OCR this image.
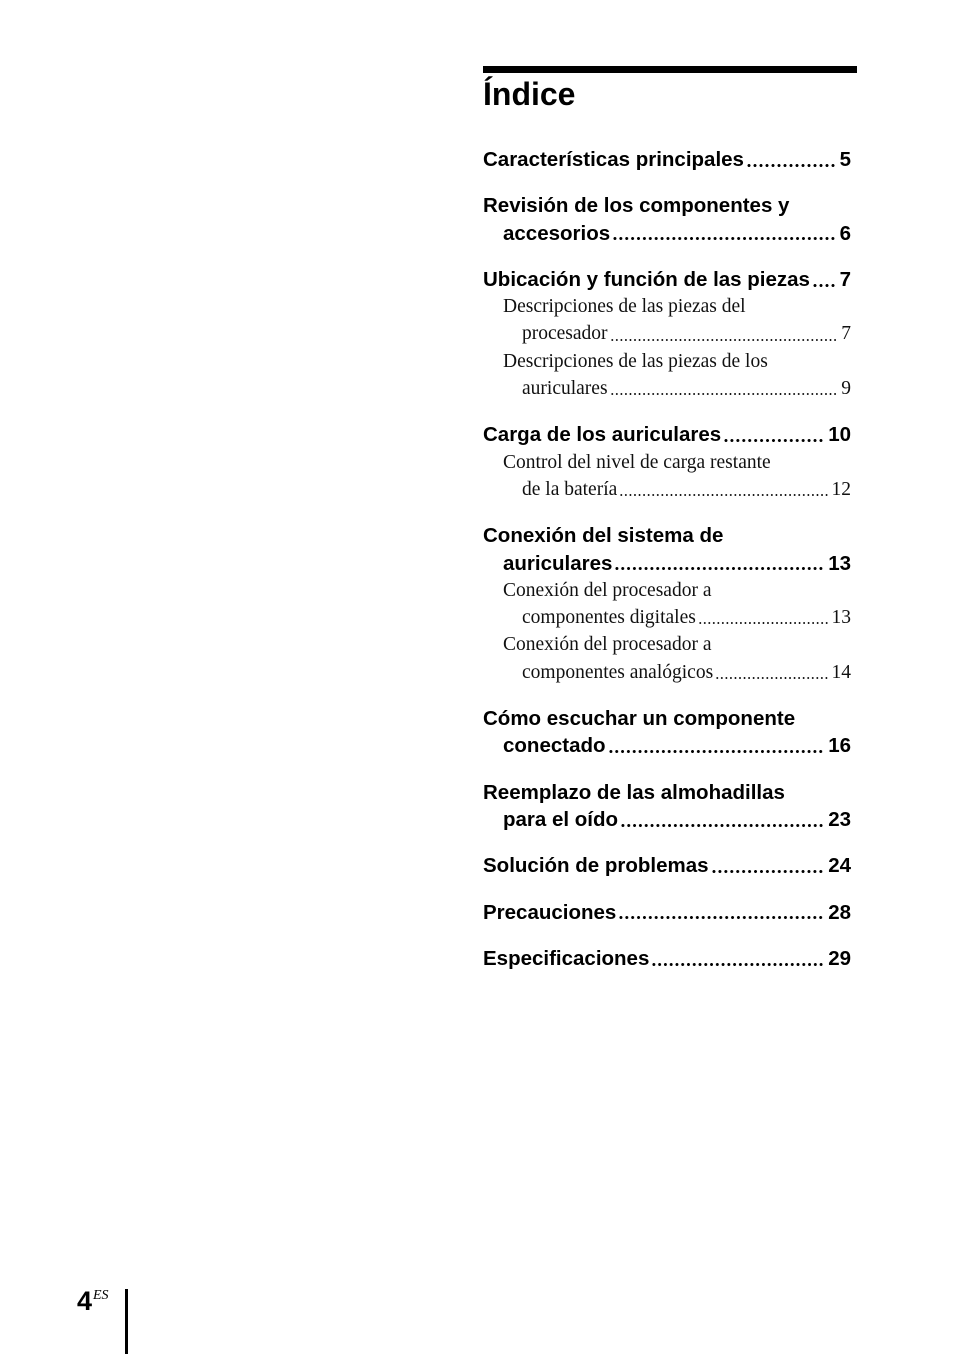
Índice
Características principales	5
Revisión de los componentes y
accesorios	6
Ubicación y función de las piezas 7
Descripciones de las piezas del
procesador	7
Descripciones de las piezas de los
auriculares	9
Carga de los auriculares	10
Control del nivel de carga restante
de la batería	12
Conexión del sistema de
auriculares	13
Conexión del procesador a
componentes digitales	13
Conexión del procesador a
componentes analógicos	14
Cómo escuchar un componente
conectado	16
Reemplazo de las almohadillas
para el oído	23
Solución de problemas	24
Precauciones	28
Especificaciones	29
4 ES
